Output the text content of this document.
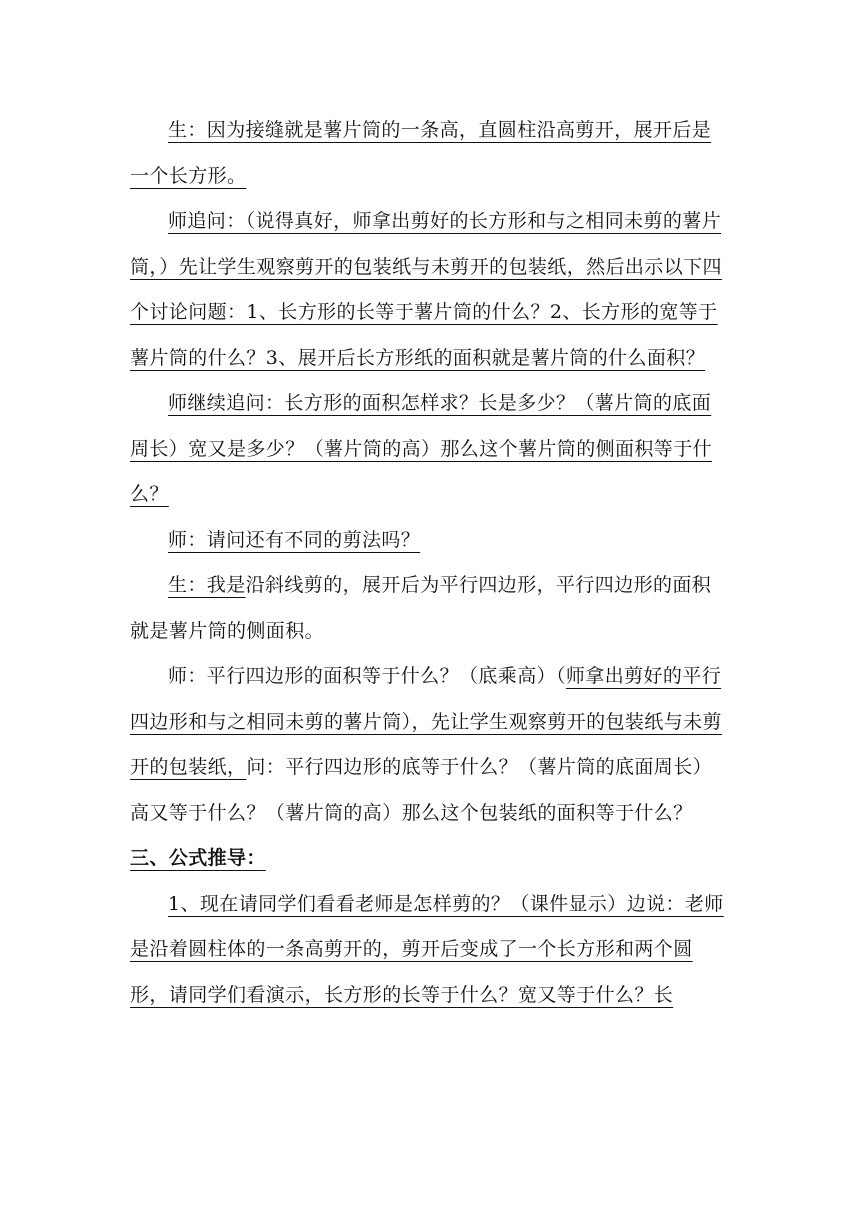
生：因为接缝就是薯片筒的一条高，直圆柱沿高剪开，展开后是一个长方形。

师追问：（说得真好，师拿出剪好的长方形和与之相同未剪的薯片筒，）先让学生观察剪开的包装纸与未剪开的包装纸，然后出示以下四个讨论问题：1、长方形的长等于薯片筒的什么？2、长方形的宽等于薯片筒的什么？3、展开后长方形纸的面积就是薯片筒的什么面积？

师继续追问：长方形的面积怎样求？长是多少？（薯片筒的底面周长）宽又是多少？（薯片筒的高）那么这个薯片筒的侧面积等于什么？

师：请问还有不同的剪法吗？

生：我是沿斜线剪的，展开后为平行四边形，平行四边形的面积就是薯片筒的侧面积。

师：平行四边形的面积等于什么？（底乘高）（师拿出剪好的平行四边形和与之相同未剪的薯片筒），先让学生观察剪开的包装纸与未剪开的包装纸，问：平行四边形的底等于什么？（薯片筒的底面周长）高又等于什么？（薯片筒的高）那么这个包装纸的面积等于什么？

三、公式推导：

1、现在请同学们看看老师是怎样剪的？（课件显示）边说：老师是沿着圆柱体的一条高剪开的，剪开后变成了一个长方形和两个圆形，请同学们看演示，长方形的长等于什么？宽又等于什么？长
